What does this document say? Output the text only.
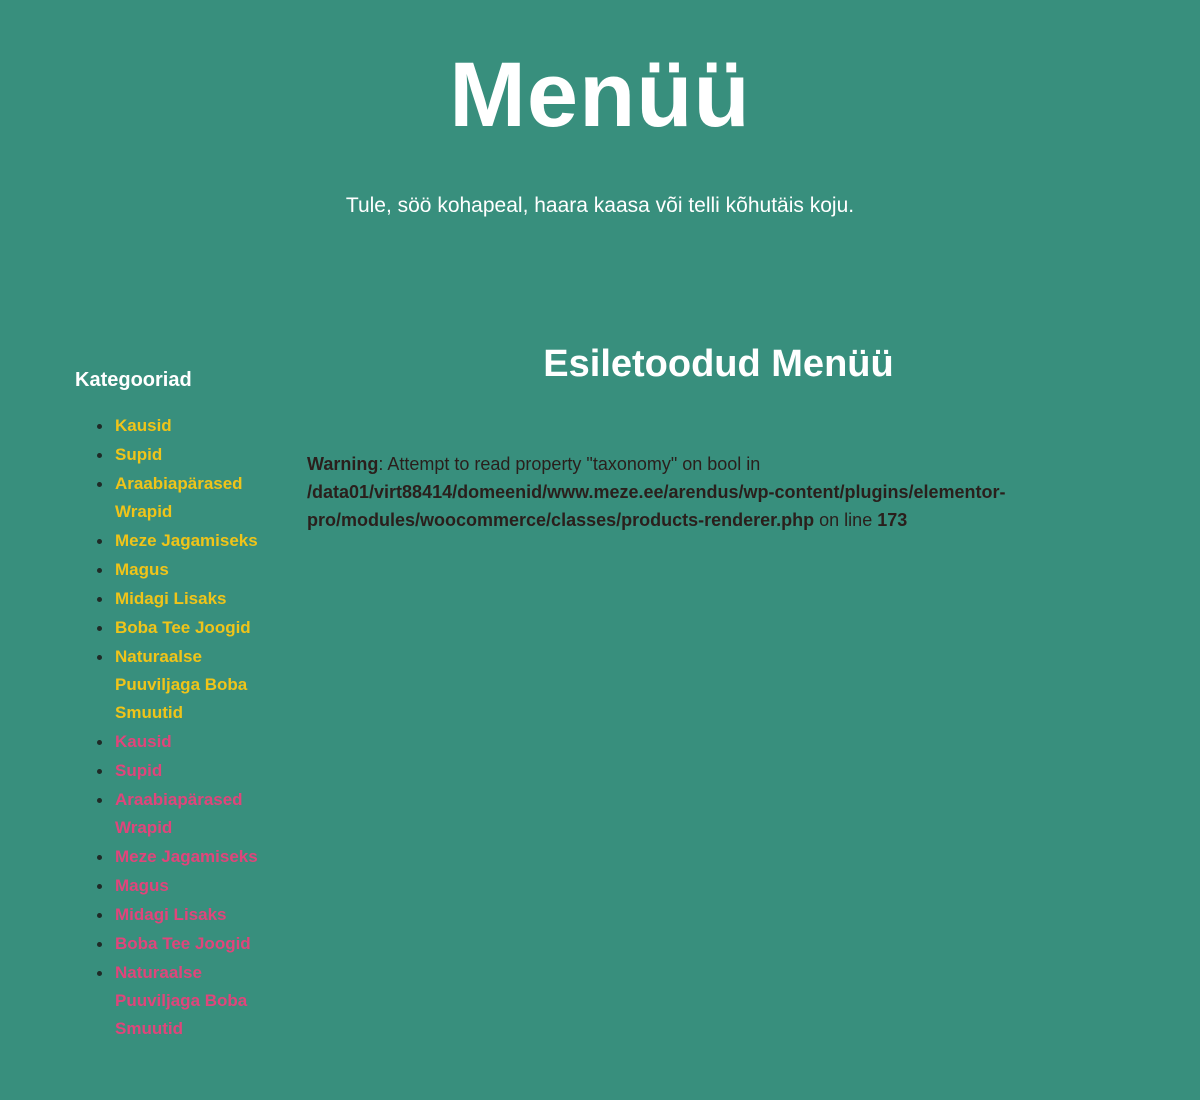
Menüü

Tule, söö kohapeal, haara kaasa või telli kõhutäis koju.

Kategooriad
Kausid
Supid
Araabiapärased Wrapid
Meze Jagamiseks
Magus
Midagi Lisaks
Boba Tee Joogid
Naturaalse Puuviljaga Boba Smuutid
Kausid
Supid
Araabiapärased Wrapid
Meze Jagamiseks
Magus
Midagi Lisaks
Boba Tee Joogid
Naturaalse Puuviljaga Boba Smuutid
Esiletoodud Menüü

Warning: Attempt to read property "taxonomy" on bool in /data01/virt88414/domeenid/www.meze.ee/arendus/wp-content/plugins/elementor-pro/modules/woocommerce/classes/products-renderer.php on line 173
